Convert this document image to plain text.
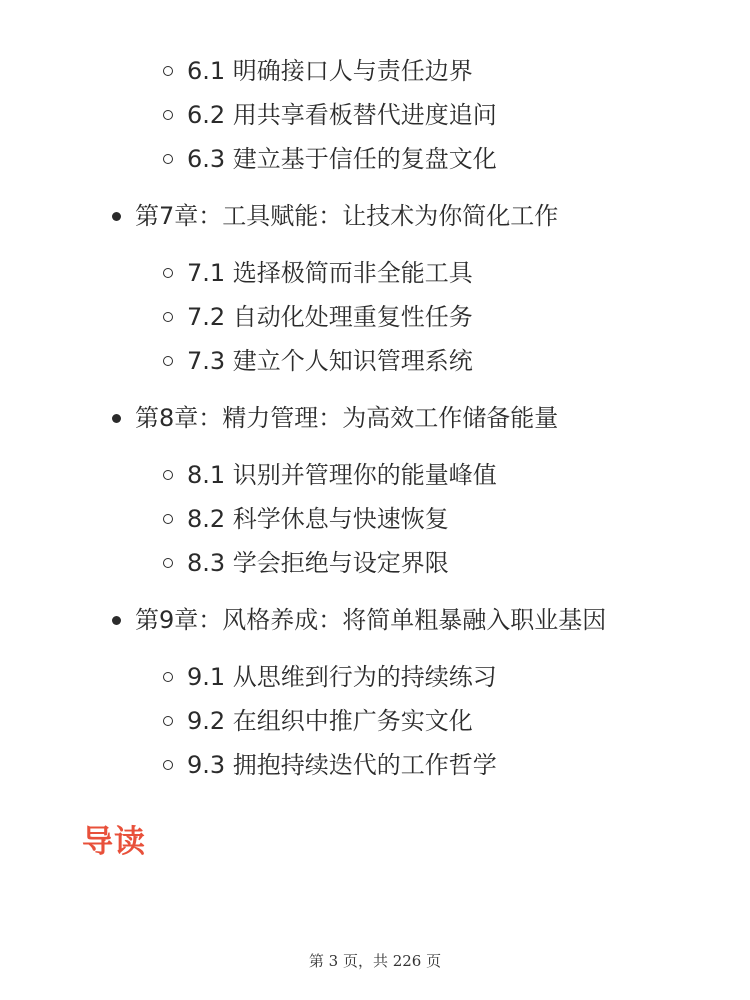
6.1 明确接口人与责任边界
6.2 用共享看板替代进度追问
6.3 建立基于信任的复盘文化
第7章：工具赋能：让技术为你简化工作
7.1 选择极简而非全能工具
7.2 自动化处理重复性任务
7.3 建立个人知识管理系统
第8章：精力管理：为高效工作储备能量
8.1 识别并管理你的能量峰值
8.2 科学休息与快速恢复
8.3 学会拒绝与设定界限
第9章：风格养成：将简单粗暴融入职业基因
9.1 从思维到行为的持续练习
9.2 在组织中推广务实文化
9.3 拥抱持续迭代的工作哲学
导读
第 3 页，共 226 页
